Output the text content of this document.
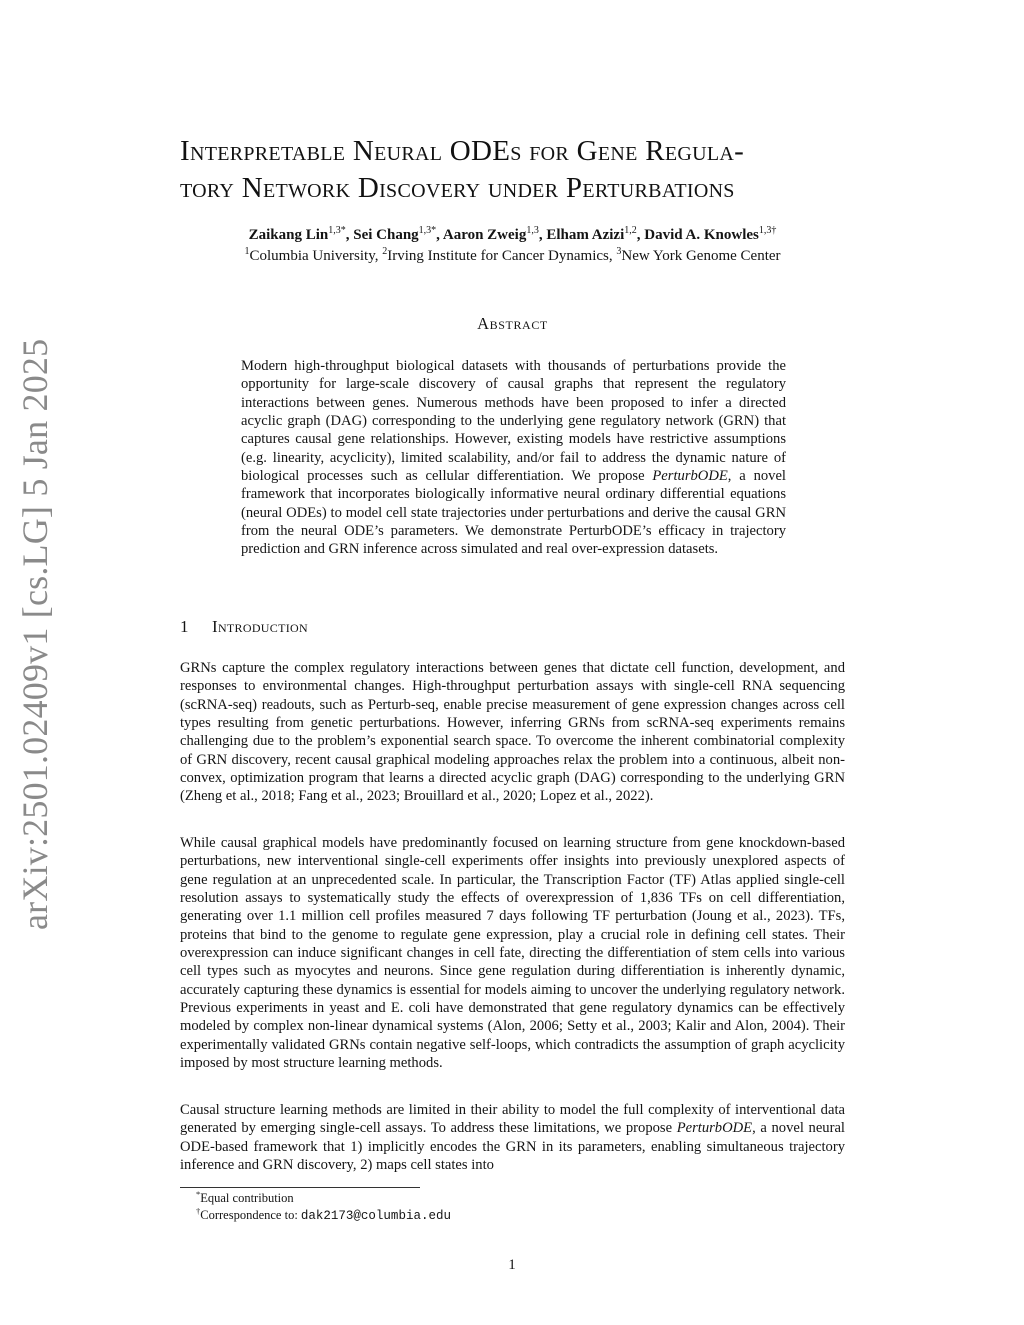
arXiv:2501.02409v1 [cs.LG] 5 Jan 2025
Interpretable Neural ODEs for Gene Regula-
tory Network Discovery under Perturbations
Zaikang Lin$^{1,3*}$, Sei Chang$^{1,3*}$, Aaron Zweig$^{1,3}$, Elham Azizi$^{1,2}$, David A. Knowles$^{1,3\dagger}$
$^1$Columbia University, $^2$Irving Institute for Cancer Dynamics, $^3$New York Genome Center
Abstract
Modern high-throughput biological datasets with thousands of perturbations provide the opportunity for large-scale discovery of causal graphs that represent the regulatory interactions between genes. Numerous methods have been proposed to infer a directed acyclic graph (DAG) corresponding to the underlying gene regulatory network (GRN) that captures causal gene relationships. However, existing models have restrictive assumptions (e.g. linearity, acyclicity), limited scalability, and/or fail to address the dynamic nature of biological processes such as cellular differentiation. We propose PerturbODE, a novel framework that incorporates biologically informative neural ordinary differential equations (neural ODEs) to model cell state trajectories under perturbations and derive the causal GRN from the neural ODE’s parameters. We demonstrate PerturbODE’s efficacy in trajectory prediction and GRN inference across simulated and real over-expression datasets.
1 Introduction
GRNs capture the complex regulatory interactions between genes that dictate cell function, development, and responses to environmental changes. High-throughput perturbation assays with single-cell RNA sequencing (scRNA-seq) readouts, such as Perturb-seq, enable precise measurement of gene expression changes across cell types resulting from genetic perturbations. However, inferring GRNs from scRNA-seq experiments remains challenging due to the problem’s exponential search space. To overcome the inherent combinatorial complexity of GRN discovery, recent causal graphical modeling approaches relax the problem into a continuous, albeit non-convex, optimization program that learns a directed acyclic graph (DAG) corresponding to the underlying GRN (Zheng et al., 2018; Fang et al., 2023; Brouillard et al., 2020; Lopez et al., 2022).
While causal graphical models have predominantly focused on learning structure from gene knockdown-based perturbations, new interventional single-cell experiments offer insights into previously unexplored aspects of gene regulation at an unprecedented scale. In particular, the Transcription Factor (TF) Atlas applied single-cell resolution assays to systematically study the effects of overexpression of 1,836 TFs on cell differentiation, generating over 1.1 million cell profiles measured 7 days following TF perturbation (Joung et al., 2023). TFs, proteins that bind to the genome to regulate gene expression, play a crucial role in defining cell states. Their overexpression can induce significant changes in cell fate, directing the differentiation of stem cells into various cell types such as myocytes and neurons. Since gene regulation during differentiation is inherently dynamic, accurately capturing these dynamics is essential for models aiming to uncover the underlying regulatory network. Previous experiments in yeast and E. coli have demonstrated that gene regulatory dynamics can be effectively modeled by complex non-linear dynamical systems (Alon, 2006; Setty et al., 2003; Kalir and Alon, 2004). Their experimentally validated GRNs contain negative self-loops, which contradicts the assumption of graph acyclicity imposed by most structure learning methods.
Causal structure learning methods are limited in their ability to model the full complexity of interventional data generated by emerging single-cell assays. To address these limitations, we propose PerturbODE, a novel neural ODE-based framework that 1) implicitly encodes the GRN in its parameters, enabling simultaneous trajectory inference and GRN discovery, 2) maps cell states into
*Equal contribution
†Correspondence to: dak2173@columbia.edu
1
